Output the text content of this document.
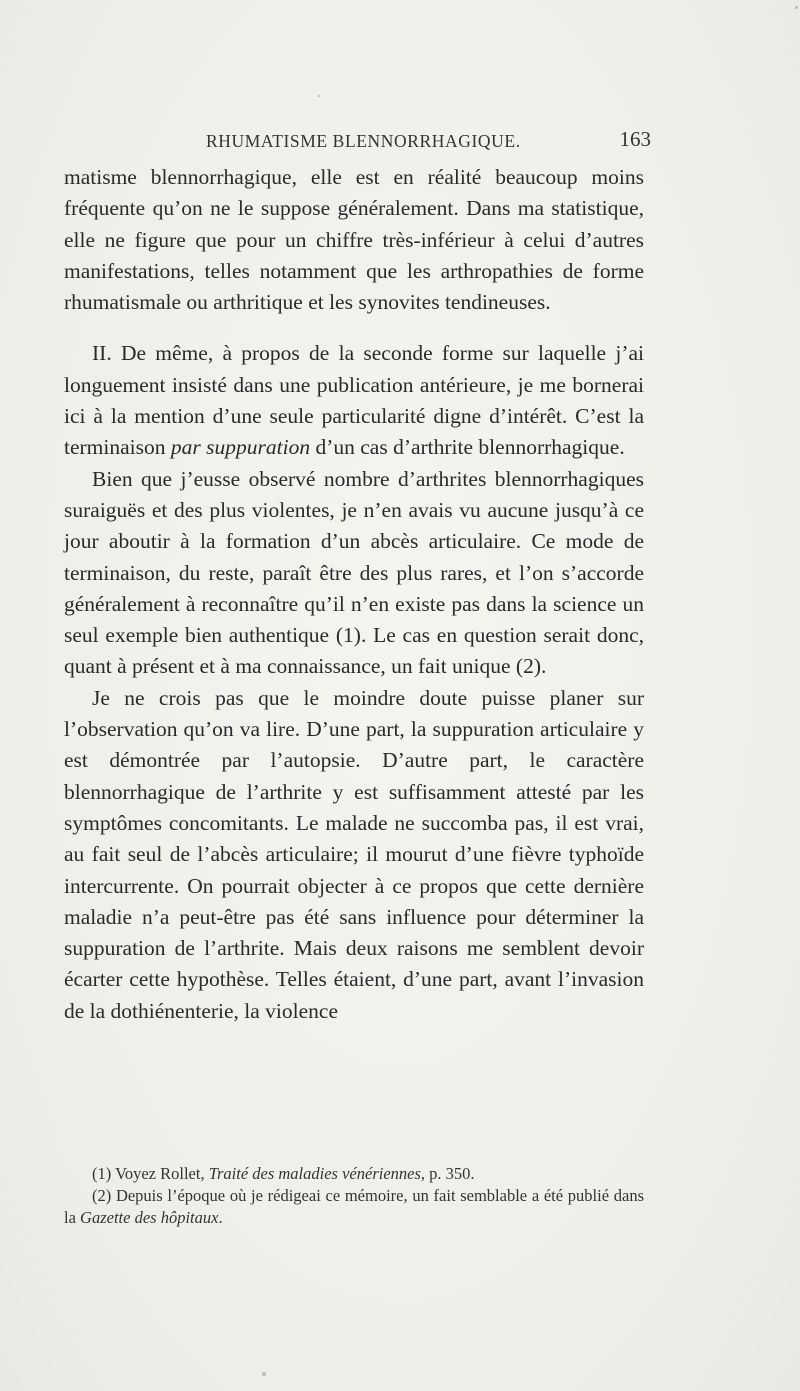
RHUMATISME BLENNORRHAGIQUE.	163

matisme blennorrhagique, elle est en réalité beaucoup moins fréquente qu’on ne le suppose généralement. Dans ma statistique, elle ne figure que pour un chiffre très-inférieur à celui d’autres manifestations, telles notamment que les arthropathies de forme rhumatismale ou arthritique et les synovites tendineuses.

II. De même, à propos de la seconde forme sur laquelle j’ai longuement insisté dans une publication antérieure, je me bornerai ici à la mention d’une seule particularité digne d’intérêt. C’est la terminaison par suppuration d’un cas d’arthrite blennorrhagique.

Bien que j’eusse observé nombre d’arthrites blennorrhagiques suraiguës et des plus violentes, je n’en avais vu aucune jusqu’à ce jour aboutir à la formation d’un abcès articulaire. Ce mode de terminaison, du reste, paraît être des plus rares, et l’on s’accorde généralement à reconnaître qu’il n’en existe pas dans la science un seul exemple bien authentique (1). Le cas en question serait donc, quant à présent et à ma connaissance, un fait unique (2).

Je ne crois pas que le moindre doute puisse planer sur l’observation qu’on va lire. D’une part, la suppuration articulaire y est démontrée par l’autopsie. D’autre part, le caractère blennorrhagique de l’arthrite y est suffisamment attesté par les symptômes concomitants. Le malade ne succomba pas, il est vrai, au fait seul de l’abcès articulaire; il mourut d’une fièvre typhoïde intercurrente. On pourrait objecter à ce propos que cette dernière maladie n’a peut-être pas été sans influence pour déterminer la suppuration de l’arthrite. Mais deux raisons me semblent devoir écarter cette hypothèse. Telles étaient, d’une part, avant l’invasion de la dothiénenterie, la violence

(1) Voyez Rollet, Traité des maladies vénériennes, p. 350.

(2) Depuis l’époque où je rédigeai ce mémoire, un fait semblable a été publié dans la Gazette des hôpitaux.
